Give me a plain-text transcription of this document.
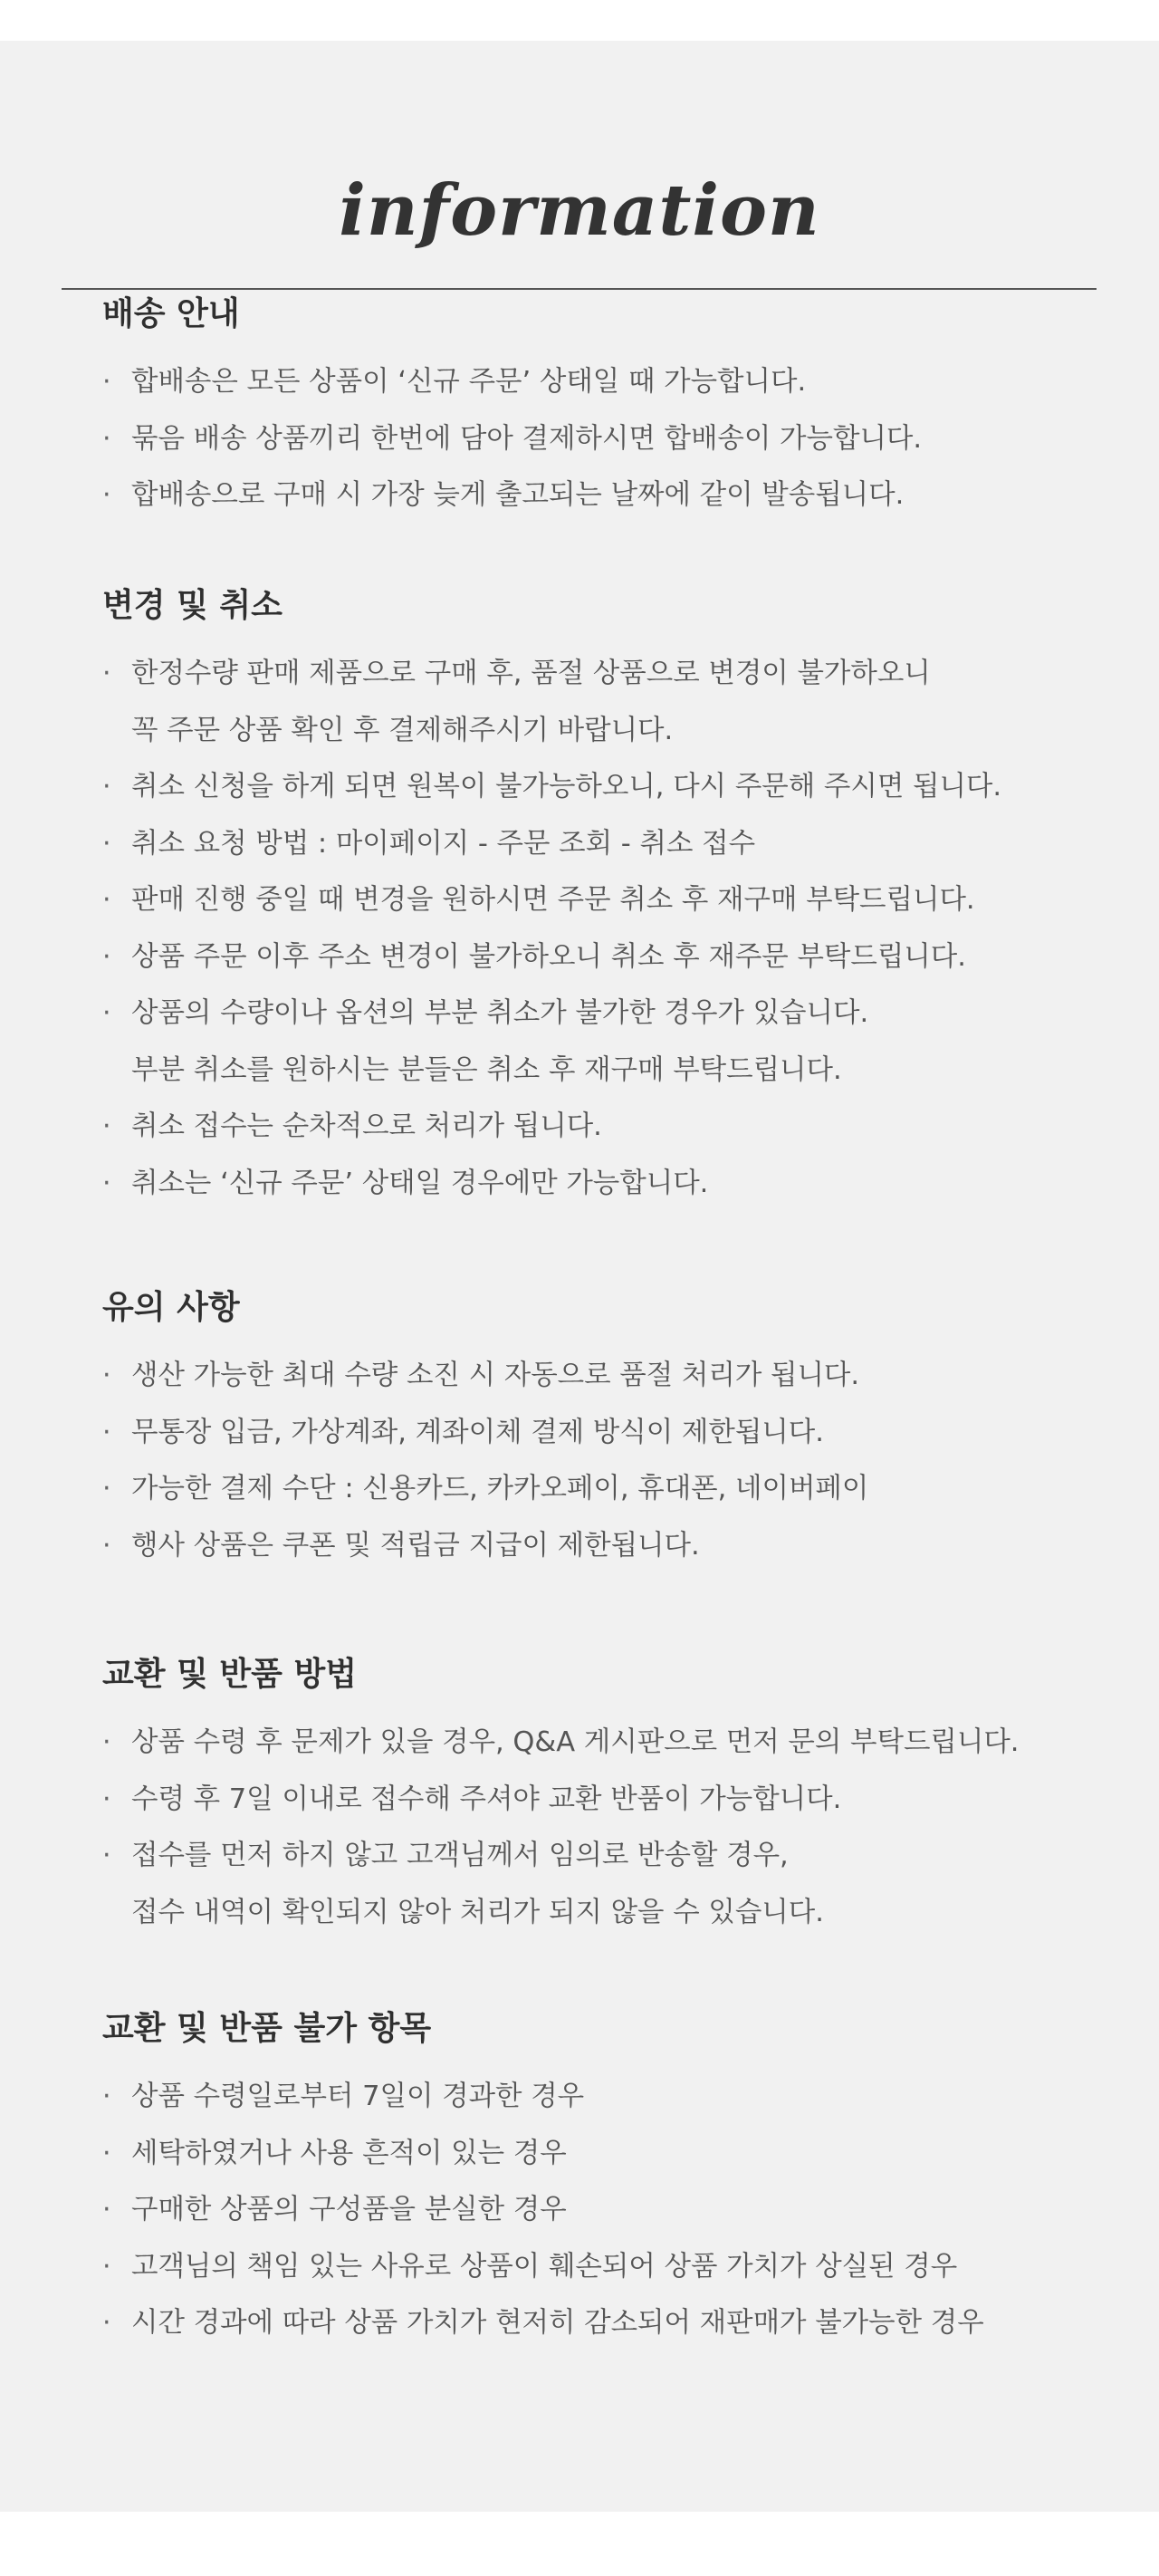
information
배송 안내
· 합배송은 모든 상품이 ‘신규 주문’ 상태일 때 가능합니다.
· 묶음 배송 상품끼리 한번에 담아 결제하시면 합배송이 가능합니다.
· 합배송으로 구매 시 가장 늦게 출고되는 날짜에 같이 발송됩니다.
변경 및 취소
· 한정수량 판매 제품으로 구매 후, 품절 상품으로 변경이 불가하오니
꼭 주문 상품 확인 후 결제해주시기 바랍니다.
· 취소 신청을 하게 되면 원복이 불가능하오니, 다시 주문해 주시면 됩니다.
· 취소 요청 방법 : 마이페이지 - 주문 조회 - 취소 접수
· 판매 진행 중일 때 변경을 원하시면 주문 취소 후 재구매 부탁드립니다.
· 상품 주문 이후 주소 변경이 불가하오니 취소 후 재주문 부탁드립니다.
· 상품의 수량이나 옵션의 부분 취소가 불가한 경우가 있습니다.
부분 취소를 원하시는 분들은 취소 후 재구매 부탁드립니다.
· 취소 접수는 순차적으로 처리가 됩니다.
· 취소는 ‘신규 주문’ 상태일 경우에만 가능합니다.
유의 사항
· 생산 가능한 최대 수량 소진 시 자동으로 품절 처리가 됩니다.
· 무통장 입금, 가상계좌, 계좌이체 결제 방식이 제한됩니다.
· 가능한 결제 수단 : 신용카드, 카카오페이, 휴대폰, 네이버페이
· 행사 상품은 쿠폰 및 적립금 지급이 제한됩니다.
교환 및 반품 방법
· 상품 수령 후 문제가 있을 경우, Q&A 게시판으로 먼저 문의 부탁드립니다.
· 수령 후 7일 이내로 접수해 주셔야 교환 반품이 가능합니다.
· 접수를 먼저 하지 않고 고객님께서 임의로 반송할 경우,
접수 내역이 확인되지 않아 처리가 되지 않을 수 있습니다.
교환 및 반품 불가 항목
· 상품 수령일로부터 7일이 경과한 경우
· 세탁하였거나 사용 흔적이 있는 경우
· 구매한 상품의 구성품을 분실한 경우
· 고객님의 책임 있는 사유로 상품이 훼손되어 상품 가치가 상실된 경우
· 시간 경과에 따라 상품 가치가 현저히 감소되어 재판매가 불가능한 경우
